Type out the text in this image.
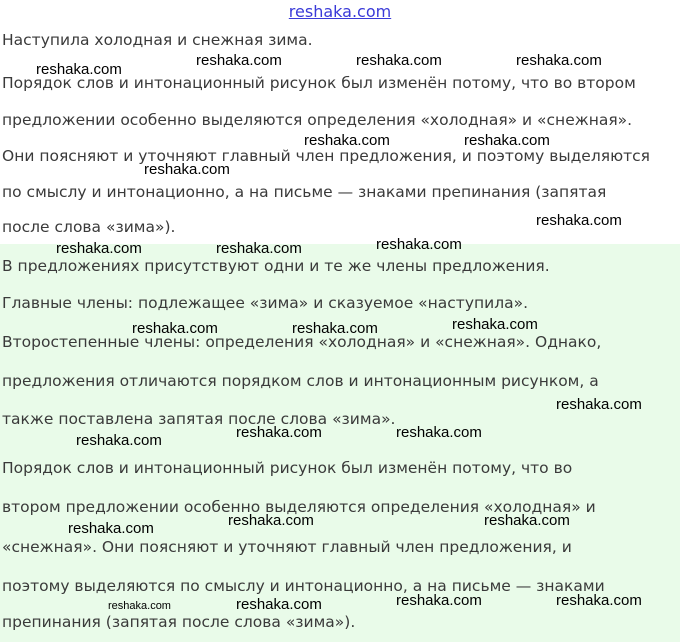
reshaka.com
Наступила холодная и снежная зима.
Порядок слов и интонационный рисунок был изменён потому, что во втором
предложении особенно выделяются определения «холодная» и «снежная».
Они поясняют и уточняют главный член предложения, и поэтому выделяются
по смыслу и интонационно, а на письме — знаками препинания (запятая
после слова «зима»).
В предложениях присутствуют одни и те же члены предложения.
Главные члены: подлежащее «зима» и сказуемое «наступила».
Второстепенные члены: определения «холодная» и «снежная». Однако,
предложения отличаются порядком слов и интонационным рисунком, а
также поставлена запятая после слова «зима».
Порядок слов и интонационный рисунок был изменён потому, что во
втором предложении особенно выделяются определения «холодная» и
«снежная». Они поясняют и уточняют главный член предложения, и
поэтому выделяются по смыслу и интонационно, а на письме — знаками
препинания (запятая после слова «зима»).
reshaka.com
reshaka.com	reshaka.com	reshaka.com
reshaka.com	reshaka.com
reshaka.com
reshaka.com
reshaka.com	reshaka.com	reshaka.com
reshaka.com	reshaka.com	reshaka.com
reshaka.com
reshaka.com	reshaka.com	reshaka.com
reshaka.com	reshaka.com	reshaka.com
reshaka.com	reshaka.com	reshaka.com	reshaka.com
